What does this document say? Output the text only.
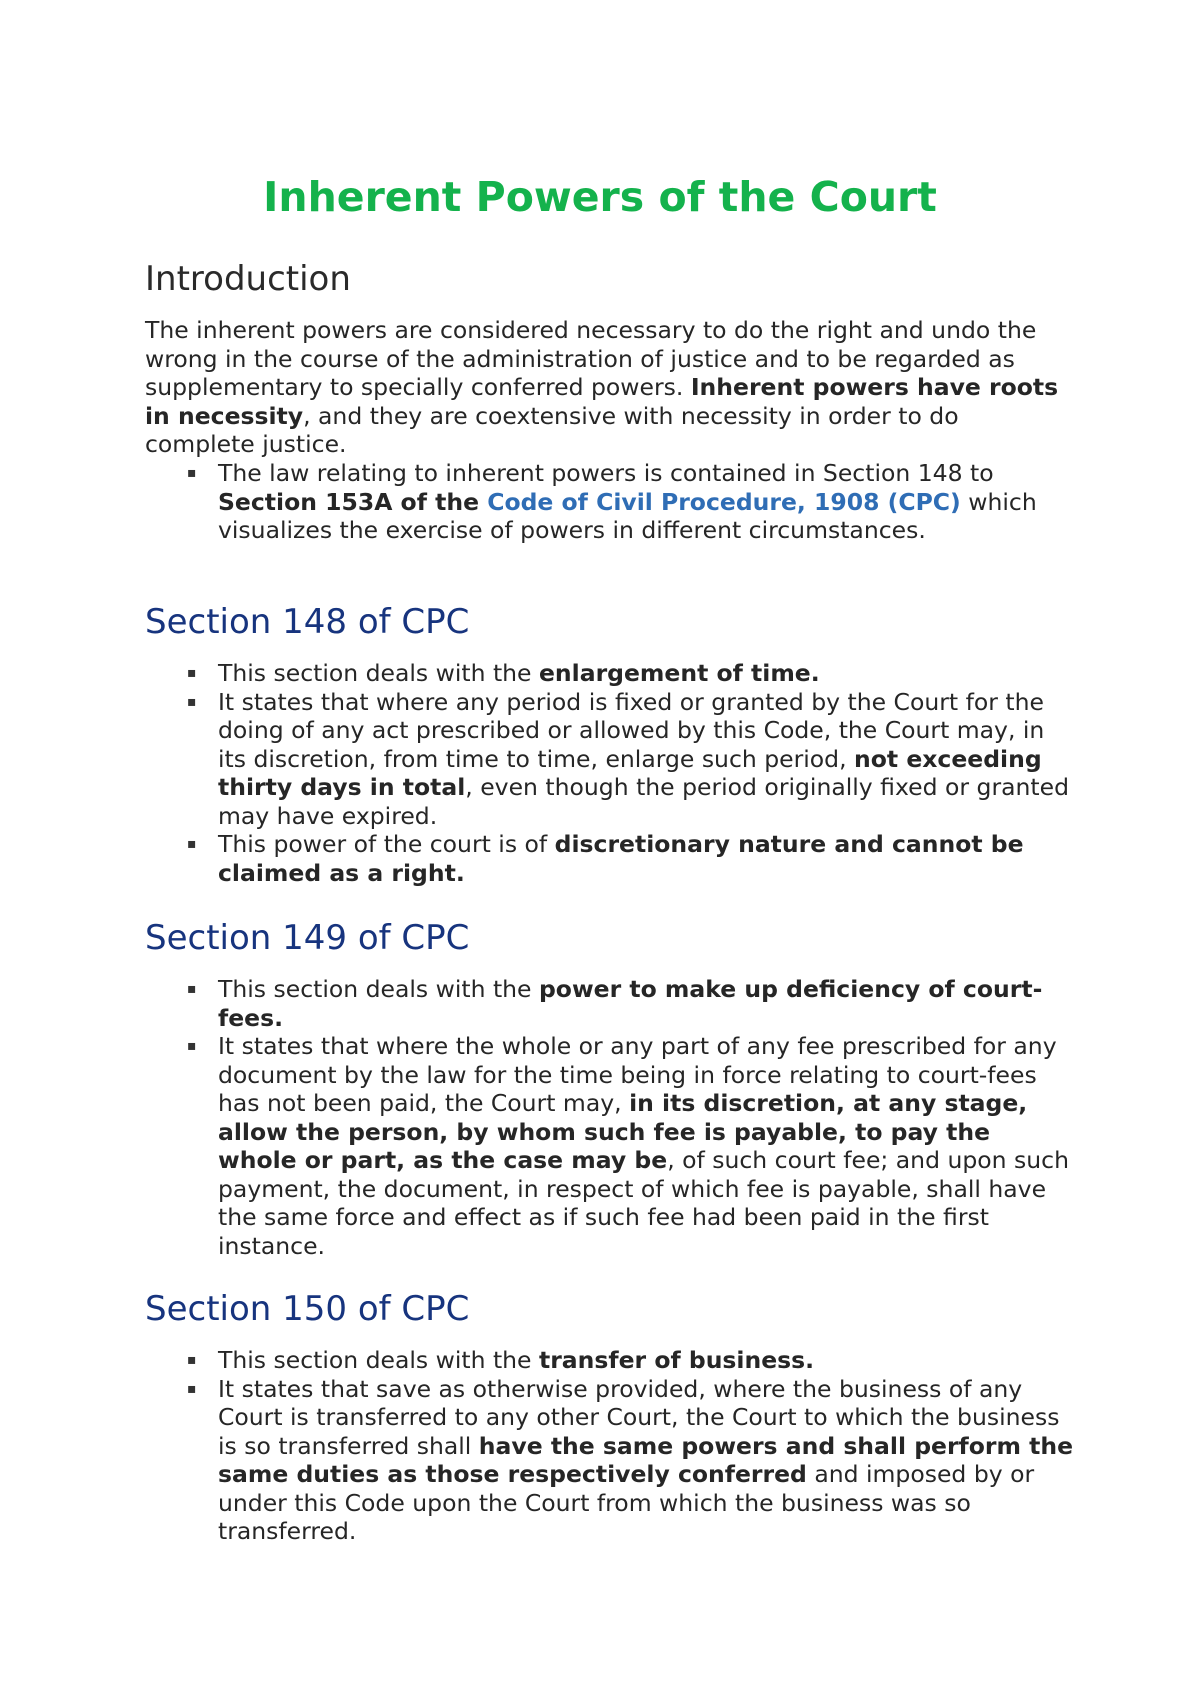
Inherent Powers of the Court
Introduction

The inherent powers are considered necessary to do the right and undo the wrong in the course of the administration of justice and to be regarded as supplementary to specially conferred powers. Inherent powers have roots in necessity, and they are coextensive with necessity in order to do complete justice.

▪ The law relating to inherent powers is contained in Section 148 to Section 153A of the Code of Civil Procedure, 1908 (CPC) which visualizes the exercise of powers in different circumstances.
Section 148 of CPC
▪ This section deals with the enlargement of time.
▪ It states that where any period is fixed or granted by the Court for the doing of any act prescribed or allowed by this Code, the Court may, in its discretion, from time to time, enlarge such period, not exceeding thirty days in total, even though the period originally fixed or granted may have expired.
▪ This power of the court is of discretionary nature and cannot be claimed as a right.
Section 149 of CPC
▪ This section deals with the power to make up deficiency of court-fees.
▪ It states that where the whole or any part of any fee prescribed for any document by the law for the time being in force relating to court-fees has not been paid, the Court may, in its discretion, at any stage, allow the person, by whom such fee is payable, to pay the whole or part, as the case may be, of such court fee; and upon such payment, the document, in respect of which fee is payable, shall have the same force and effect as if such fee had been paid in the first instance.
Section 150 of CPC
▪ This section deals with the transfer of business.
▪ It states that save as otherwise provided, where the business of any Court is transferred to any other Court, the Court to which the business is so transferred shall have the same powers and shall perform the same duties as those respectively conferred and imposed by or under this Code upon the Court from which the business was so transferred.
